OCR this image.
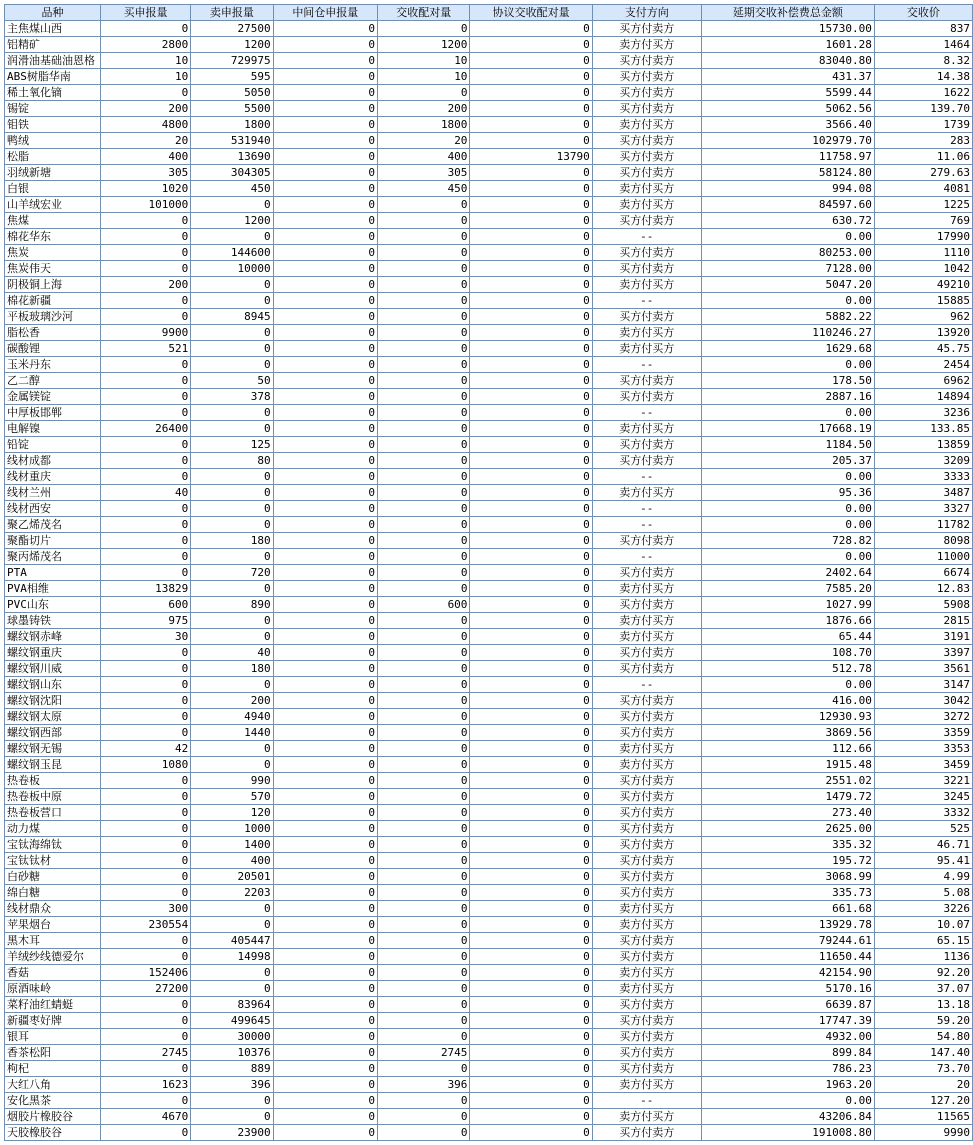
品种	买申报量	卖申报量	中间仓申报量	交收配对量	协议交收配对量	支付方向	延期交收补偿费总金额	交收价
主焦煤山西	0	27500	0	0	0	买方付卖方	15730.00	837
铝精矿	2800	1200	0	1200	0	卖方付买方	1601.28	1464
润滑油基础油恩格	10	729975	0	10	0	买方付卖方	83040.80	8.32
ABS树脂华南	10	595	0	10	0	买方付卖方	431.37	14.38
稀土氧化镝	0	5050	0	0	0	买方付卖方	5599.44	1622
锡锭	200	5500	0	200	0	买方付卖方	5062.56	139.70
钼铁	4800	1800	0	1800	0	卖方付买方	3566.40	1739
鸭绒	20	531940	0	20	0	买方付卖方	102979.70	283
松脂	400	13690	0	400	13790	买方付卖方	11758.97	11.06
羽绒新塘	305	304305	0	305	0	买方付卖方	58124.80	279.63
白银	1020	450	0	450	0	卖方付买方	994.08	4081
山羊绒宏业	101000	0	0	0	0	卖方付买方	84597.60	1225
焦煤	0	1200	0	0	0	买方付卖方	630.72	769
棉花华东	0	0	0	0	0	--	0.00	17990
焦炭	0	144600	0	0	0	买方付卖方	80253.00	1110
焦炭伟天	0	10000	0	0	0	买方付卖方	7128.00	1042
阴极铜上海	200	0	0	0	0	卖方付买方	5047.20	49210
棉花新疆	0	0	0	0	0	--	0.00	15885
平板玻璃沙河	0	8945	0	0	0	买方付卖方	5882.22	962
脂松香	9900	0	0	0	0	卖方付买方	110246.27	13920
碳酸锂	521	0	0	0	0	卖方付买方	1629.68	45.75
玉米丹东	0	0	0	0	0	--	0.00	2454
乙二醇	0	50	0	0	0	买方付卖方	178.50	6962
金属镁锭	0	378	0	0	0	买方付卖方	2887.16	14894
中厚板邯郸	0	0	0	0	0	--	0.00	3236
电解镍	26400	0	0	0	0	卖方付买方	17668.19	133.85
铅锭	0	125	0	0	0	买方付卖方	1184.50	13859
线材成都	0	80	0	0	0	买方付卖方	205.37	3209
线材重庆	0	0	0	0	0	--	0.00	3333
线材兰州	40	0	0	0	0	卖方付买方	95.36	3487
线材西安	0	0	0	0	0	--	0.00	3327
聚乙烯茂名	0	0	0	0	0	--	0.00	11782
聚酯切片	0	180	0	0	0	买方付卖方	728.82	8098
聚丙烯茂名	0	0	0	0	0	--	0.00	11000
PTA	0	720	0	0	0	买方付卖方	2402.64	6674
PVA相维	13829	0	0	0	0	卖方付买方	7585.20	12.83
PVC山东	600	890	0	600	0	买方付卖方	1027.99	5908
球墨铸铁	975	0	0	0	0	卖方付买方	1876.66	2815
螺纹钢赤峰	30	0	0	0	0	卖方付买方	65.44	3191
螺纹钢重庆	0	40	0	0	0	买方付卖方	108.70	3397
螺纹钢川威	0	180	0	0	0	买方付卖方	512.78	3561
螺纹钢山东	0	0	0	0	0	--	0.00	3147
螺纹钢沈阳	0	200	0	0	0	买方付卖方	416.00	3042
螺纹钢太原	0	4940	0	0	0	买方付卖方	12930.93	3272
螺纹钢西部	0	1440	0	0	0	买方付卖方	3869.56	3359
螺纹钢无锡	42	0	0	0	0	卖方付买方	112.66	3353
螺纹钢玉昆	1080	0	0	0	0	卖方付买方	1915.48	3459
热卷板	0	990	0	0	0	买方付卖方	2551.02	3221
热卷板中原	0	570	0	0	0	买方付卖方	1479.72	3245
热卷板营口	0	120	0	0	0	买方付卖方	273.40	3332
动力煤	0	1000	0	0	0	买方付卖方	2625.00	525
宝钛海绵钛	0	1400	0	0	0	买方付卖方	335.32	46.71
宝钛钛材	0	400	0	0	0	买方付卖方	195.72	95.41
白砂糖	0	20501	0	0	0	买方付卖方	3068.99	4.99
绵白糖	0	2203	0	0	0	买方付卖方	335.73	5.08
线材鼎众	300	0	0	0	0	卖方付买方	661.68	3226
苹果烟台	230554	0	0	0	0	卖方付买方	13929.78	10.07
黑木耳	0	405447	0	0	0	买方付卖方	79244.61	65.15
羊绒纱线德爱尔	0	14998	0	0	0	买方付卖方	11650.44	1136
香菇	152406	0	0	0	0	卖方付买方	42154.90	92.20
原酒味岭	27200	0	0	0	0	卖方付买方	5170.16	37.07
菜籽油红蜻蜓	0	83964	0	0	0	买方付卖方	6639.87	13.18
新疆枣好牌	0	499645	0	0	0	买方付卖方	17747.39	59.20
银耳	0	30000	0	0	0	买方付卖方	4932.00	54.80
香茶松阳	2745	10376	0	2745	0	买方付卖方	899.84	147.40
枸杞	0	889	0	0	0	买方付卖方	786.23	73.70
大红八角	1623	396	0	396	0	卖方付买方	1963.20	20
安化黑茶	0	0	0	0	0	--	0.00	127.20
烟胶片橡胶谷	4670	0	0	0	0	卖方付买方	43206.84	11565
天胶橡胶谷	0	23900	0	0	0	买方付卖方	191008.80	9990
